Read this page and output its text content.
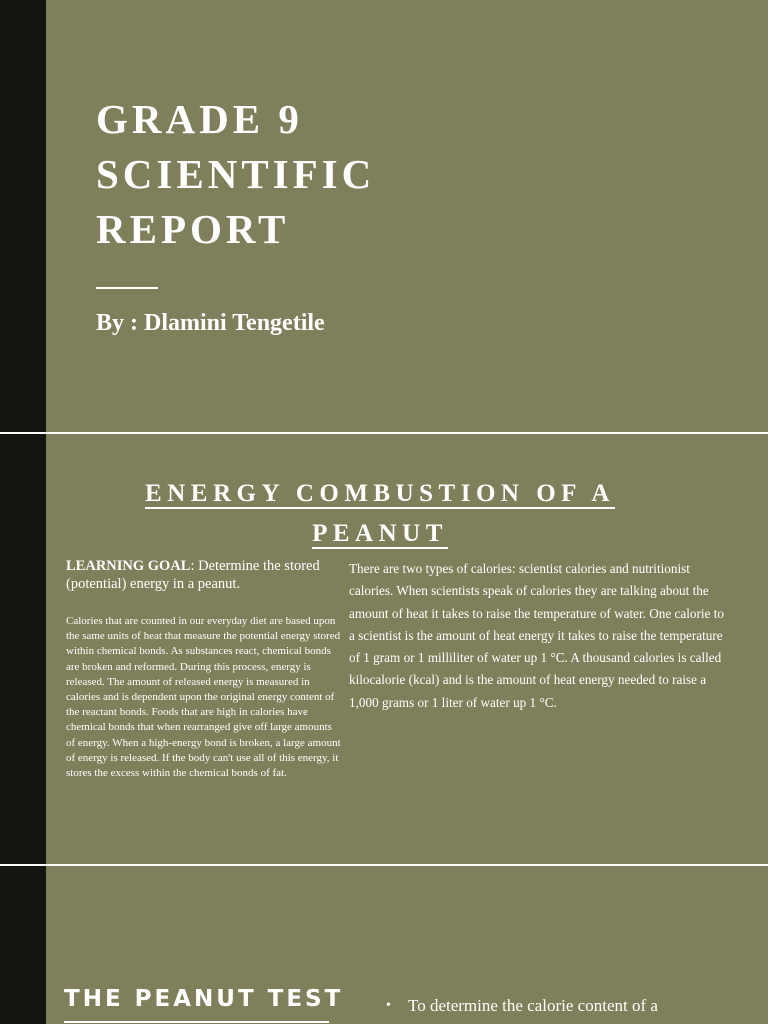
GRADE 9
SCIENTIFIC
REPORT
By : Dlamini Tengetile
ENERGY COMBUSTION OF A
PEANUT
LEARNING GOAL: Determine the stored (potential) energy in a peanut.
Calories that are counted in our everyday diet are based upon the same units of heat that measure the potential energy stored within chemical bonds. As substances react, chemical bonds are broken and reformed. During this process, energy is released. The amount of released energy is measured in calories and is dependent upon the original energy content of the reactant bonds. Foods that are high in calories have chemical bonds that when rearranged give off large amounts of energy. When a high-energy bond is broken, a large amount of energy is released. If the body can't use all of this energy, it stores the excess within the chemical bonds of fat.
There are two types of calories: scientist calories and nutritionist calories. When scientists speak of calories they are talking about the amount of heat it takes to raise the temperature of water. One calorie to a scientist is the amount of heat energy it takes to raise the temperature of 1 gram or 1 milliliter of water up 1 °C. A thousand calories is called kilocalorie (kcal) and is the amount of heat energy needed to raise a 1,000 grams or 1 liter of water up 1 °C.
THE PEANUT TEST	• To determine the calorie content of a
